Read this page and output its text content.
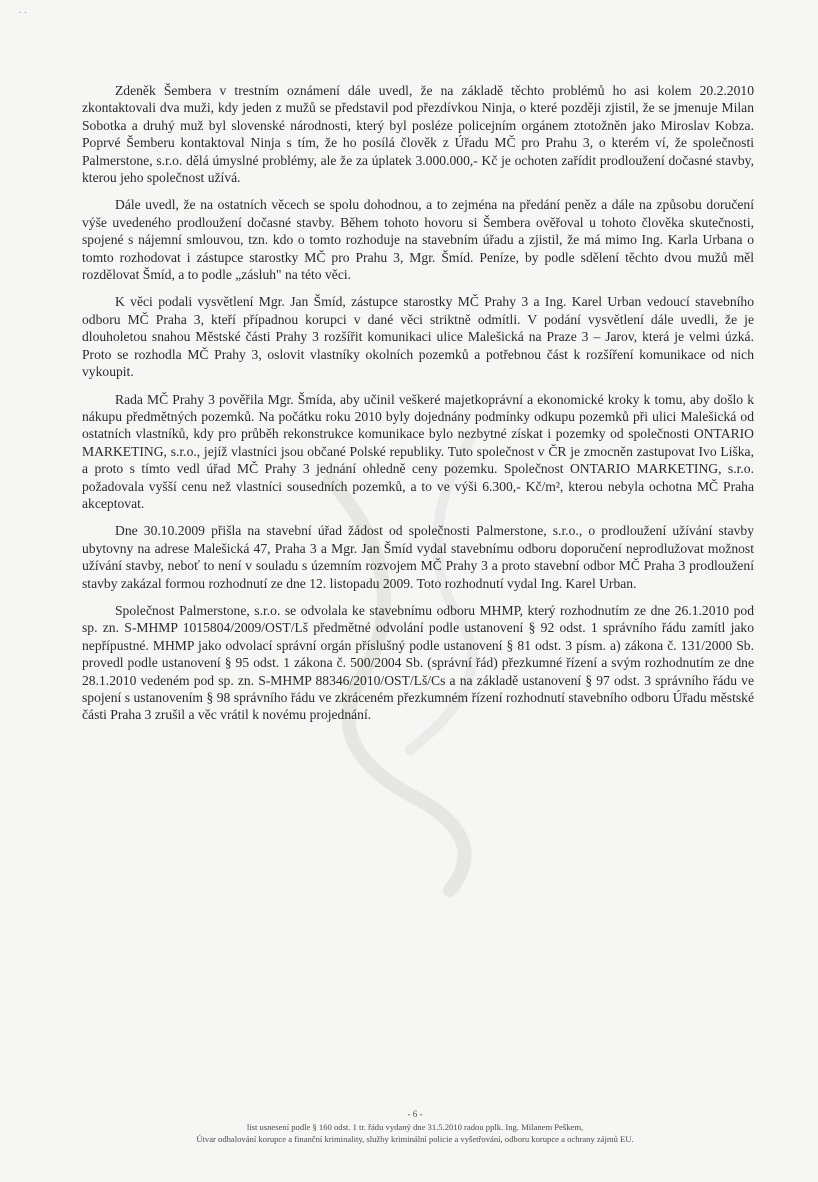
· ·

Zdeněk Šembera v trestním oznámení dále uvedl, že na základě těchto problémů ho asi kolem 20.2.2010 zkontaktovali dva muži, kdy jeden z mužů se představil pod přezdívkou Ninja, o které později zjistil, že se jmenuje Milan Sobotka a druhý muž byl slovenské národnosti, který byl posléze policejním orgánem ztotožněn jako Miroslav Kobza. Poprvé Šemberu kontaktoval Ninja s tím, že ho posílá člověk z Úřadu MČ pro Prahu 3, o kterém ví, že společnosti Palmerstone, s.r.o. dělá úmyslné problémy, ale že za úplatek 3.000.000,- Kč je ochoten zařídit prodloužení dočasné stavby, kterou jeho společnost užívá.

Dále uvedl, že na ostatních věcech se spolu dohodnou, a to zejména na předání peněz a dále na způsobu doručení výše uvedeného prodloužení dočasné stavby. Během tohoto hovoru si Šembera ověřoval u tohoto člověka skutečnosti, spojené s nájemní smlouvou, tzn. kdo o tomto rozhoduje na stavebním úřadu a zjistil, že má mimo Ing. Karla Urbana o tomto rozhodovat i zástupce starostky MČ pro Prahu 3, Mgr. Šmíd. Peníze, by podle sdělení těchto dvou mužů měl rozdělovat Šmíd, a to podle „zásluh" na této věci.

K věci podali vysvětlení Mgr. Jan Šmíd, zástupce starostky MČ Prahy 3 a Ing. Karel Urban vedoucí stavebního odboru MČ Praha 3, kteří případnou korupci v dané věci striktně odmítli. V podání vysvětlení dále uvedli, že je dlouholetou snahou Městské části Prahy 3 rozšířit komunikaci ulice Malešická na Praze 3 – Jarov, která je velmi úzká. Proto se rozhodla MČ Prahy 3, oslovit vlastníky okolních pozemků a potřebnou část k rozšíření komunikace od nich vykoupit.

Rada MČ Prahy 3 pověřila Mgr. Šmída, aby učinil veškeré majetkoprávní a ekonomické kroky k tomu, aby došlo k nákupu předmětných pozemků. Na počátku roku 2010 byly dojednány podmínky odkupu pozemků při ulici Malešická od ostatních vlastníků, kdy pro průběh rekonstrukce komunikace bylo nezbytné získat i pozemky od společnosti ONTARIO MARKETING, s.r.o., jejíž vlastníci jsou občané Polské republiky. Tuto společnost v ČR je zmocněn zastupovat Ivo Liška, a proto s tímto vedl úřad MČ Prahy 3 jednání ohledně ceny pozemku. Společnost ONTARIO MARKETING, s.r.o. požadovala vyšší cenu než vlastníci sousedních pozemků, a to ve výši 6.300,- Kč/m², kterou nebyla ochotna MČ Praha akceptovat.

Dne 30.10.2009 přišla na stavební úřad žádost od společnosti Palmerstone, s.r.o., o prodloužení užívání stavby ubytovny na adrese Malešická 47, Praha 3 a Mgr. Jan Šmíd vydal stavebnímu odboru doporučení neprodlužovat možnost užívání stavby, neboť to není v souladu s územním rozvojem MČ Prahy 3 a proto stavební odbor MČ Praha 3 prodloužení stavby zakázal formou rozhodnutí ze dne 12. listopadu 2009. Toto rozhodnutí vydal Ing. Karel Urban.

Společnost Palmerstone, s.r.o. se odvolala ke stavebnímu odboru MHMP, který rozhodnutím ze dne 26.1.2010 pod sp. zn. S-MHMP 1015804/2009/OST/Lš předmětné odvolání podle ustanovení § 92 odst. 1 správního řádu zamítl jako nepřípustné. MHMP jako odvolací správní orgán příslušný podle ustanovení § 81 odst. 3 písm. a) zákona č. 131/2000 Sb. provedl podle ustanovení § 95 odst. 1 zákona č. 500/2004 Sb. (správní řád) přezkumné řízení a svým rozhodnutím ze dne 28.1.2010 vedeném pod sp. zn. S-MHMP 88346/2010/OST/Lš/Cs a na základě ustanovení § 97 odst. 3 správního řádu ve spojení s ustanovením § 98 správního řádu ve zkráceném přezkumném řízení rozhodnutí stavebního odboru Úřadu městské části Praha 3 zrušil a věc vrátil k novému projednání.

- 6 -
list usnesení podle § 160 odst. 1 tr. řádu vydaný dne 31.5.2010 radou pplk. Ing. Milanem Peškem,
Útvar odhalování korupce a finanční kriminality, služby kriminální policie a vyšetřování, odboru korupce a ochrany zájmů EU.
